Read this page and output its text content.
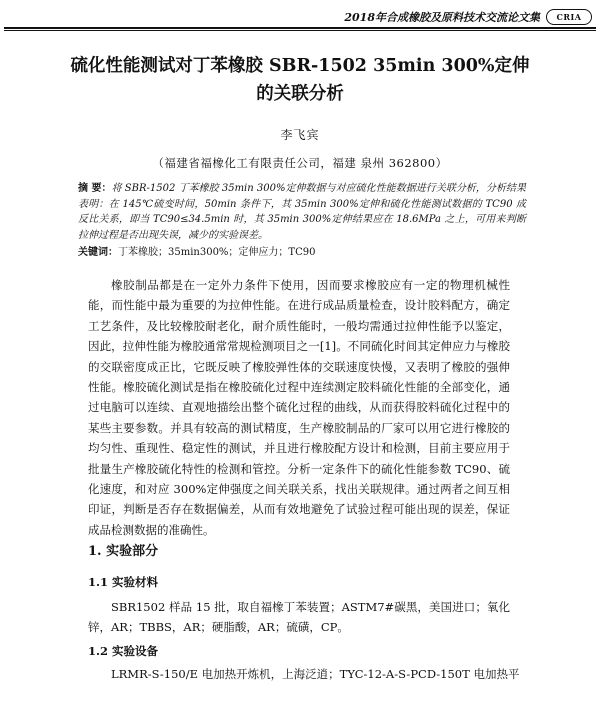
2018年合成橡胶及原料技术交流论文集 CRIA
硫化性能测试对丁苯橡胶 SBR-1502 35min 300%定伸
的关联分析
李飞宾
（福建省福橡化工有限责任公司，福建 泉州 362800）
摘 要：将 SBR-1502 丁苯橡胶 35min 300%定伸数据与对应硫化性能数据进行关联分析，分析结果表明：在 145℃硫变时间，50min 条件下，其 35min 300%定伸和硫化性能测试数据的 TC90 成反比关系，即当 TC90≤34.5min 时，其 35min 300%定伸结果应在 18.6MPa 之上，可用来判断拉伸过程是否出现失误，减少的实验误差。
关键词：丁苯橡胶；35min300%；定伸应力；TC90
橡胶制品都是在一定外力条件下使用，因而要求橡胶应有一定的物理机械性能，而性能中最为重要的为拉伸性能。在进行成品质量检查，设计胶料配方，确定工艺条件，及比较橡胶耐老化，耐介质性能时，一般均需通过拉伸性能予以鉴定，因此，拉伸性能为橡胶通常常规检测项目之一[1]。不同硫化时间其定伸应力与橡胶的交联密度成正比，它既反映了橡胶弹性体的交联速度快慢，又表明了橡胶的强伸性能。橡胶硫化测试是指在橡胶硫化过程中连续测定胶料硫化性能的全部变化，通过电脑可以连续、直观地描绘出整个硫化过程的曲线，从而获得胶料硫化过程中的某些主要参数。并具有较高的测试精度，生产橡胶制品的厂家可以用它进行橡胶的均匀性、重现性、稳定性的测试，并且进行橡胶配方设计和检测，目前主要应用于批量生产橡胶硫化特性的检测和管控。分析一定条件下的硫化性能参数 TC90、硫化速度，和对应 300%定伸强度之间关联关系，找出关联规律。通过两者之间互相印证，判断是否存在数据偏差，从而有效地避免了试验过程可能出现的误差，保证成品检测数据的准确性。
1. 实验部分
1.1 实验材料
SBR1502 样品 15 批，取自福橡丁苯装置；ASTM7#碳黑，美国进口；氧化锌，AR；TBBS，AR；硬脂酸，AR；硫磺，CP。
1.2 实验设备
LRMR-S-150/E 电加热开炼机，上海泛逍；TYC-12-A-S-PCD-150T 电加热平
